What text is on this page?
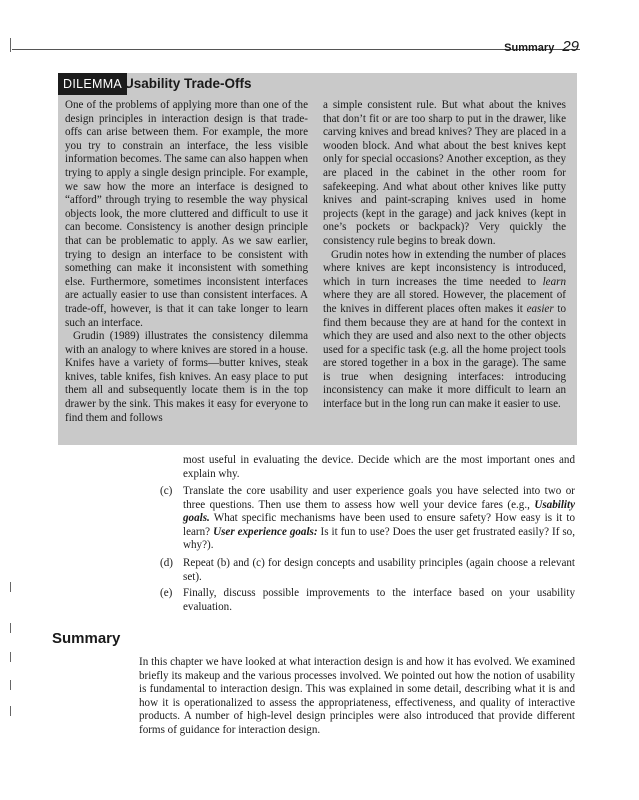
Summary 29
DILEMMA Usability Trade-Offs

One of the problems of applying more than one of the design principles in interaction design is that trade-offs can arise between them. For example, the more you try to constrain an interface, the less visible information becomes. The same can also happen when trying to apply a single design principle. For example, we saw how the more an interface is designed to “afford” through trying to resemble the way physical objects look, the more cluttered and difficult to use it can become. Consistency is another design principle that can be problematic to apply. As we saw earlier, trying to design an interface to be consistent with something can make it inconsistent with something else. Furthermore, sometimes inconsistent interfaces are actually easier to use than consistent interfaces. A trade-off, however, is that it can take longer to learn such an interface.

Grudin (1989) illustrates the consistency dilemma with an analogy to where knives are stored in a house. Knifes have a variety of forms—butter knives, steak knives, table knifes, fish knives. An easy place to put them all and subsequently locate them is in the top drawer by the sink. This makes it easy for everyone to find them and follows

a simple consistent rule. But what about the knives that don’t fit or are too sharp to put in the drawer, like carving knives and bread knives? They are placed in a wooden block. And what about the best knives kept only for special occasions? Another exception, as they are placed in the cabinet in the other room for safekeeping. And what about other knives like putty knives and paint-scraping knives used in home projects (kept in the garage) and jack knives (kept in one’s pockets or backpack)? Very quickly the consistency rule begins to break down.

Grudin notes how in extending the number of places where knives are kept inconsistency is introduced, which in turn increases the time needed to learn where they are all stored. However, the placement of the knives in different places often makes it easier to find them because they are at hand for the context in which they are used and also next to the other objects used for a specific task (e.g. all the home project tools are stored together in a box in the garage). The same is true when designing interfaces: introducing inconsistency can make it more difficult to learn an interface but in the long run can make it easier to use.

most useful in evaluating the device. Decide which are the most important ones and explain why.
(c) Translate the core usability and user experience goals you have selected into two or three questions. Then use them to assess how well your device fares (e.g., Usability goals. What specific mechanisms have been used to ensure safety? How easy is it to learn? User experience goals: Is it fun to use? Does the user get frustrated easily? If so, why?).
(d) Repeat (b) and (c) for design concepts and usability principles (again choose a relevant set).
(e) Finally, discuss possible improvements to the interface based on your usability evaluation.
Summary
In this chapter we have looked at what interaction design is and how it has evolved. We examined briefly its makeup and the various processes involved. We pointed out how the notion of usability is fundamental to interaction design. This was explained in some detail, describing what it is and how it is operationalized to assess the appropriateness, effectiveness, and quality of interactive products. A number of high-level design principles were also introduced that provide different forms of guidance for interaction design.
